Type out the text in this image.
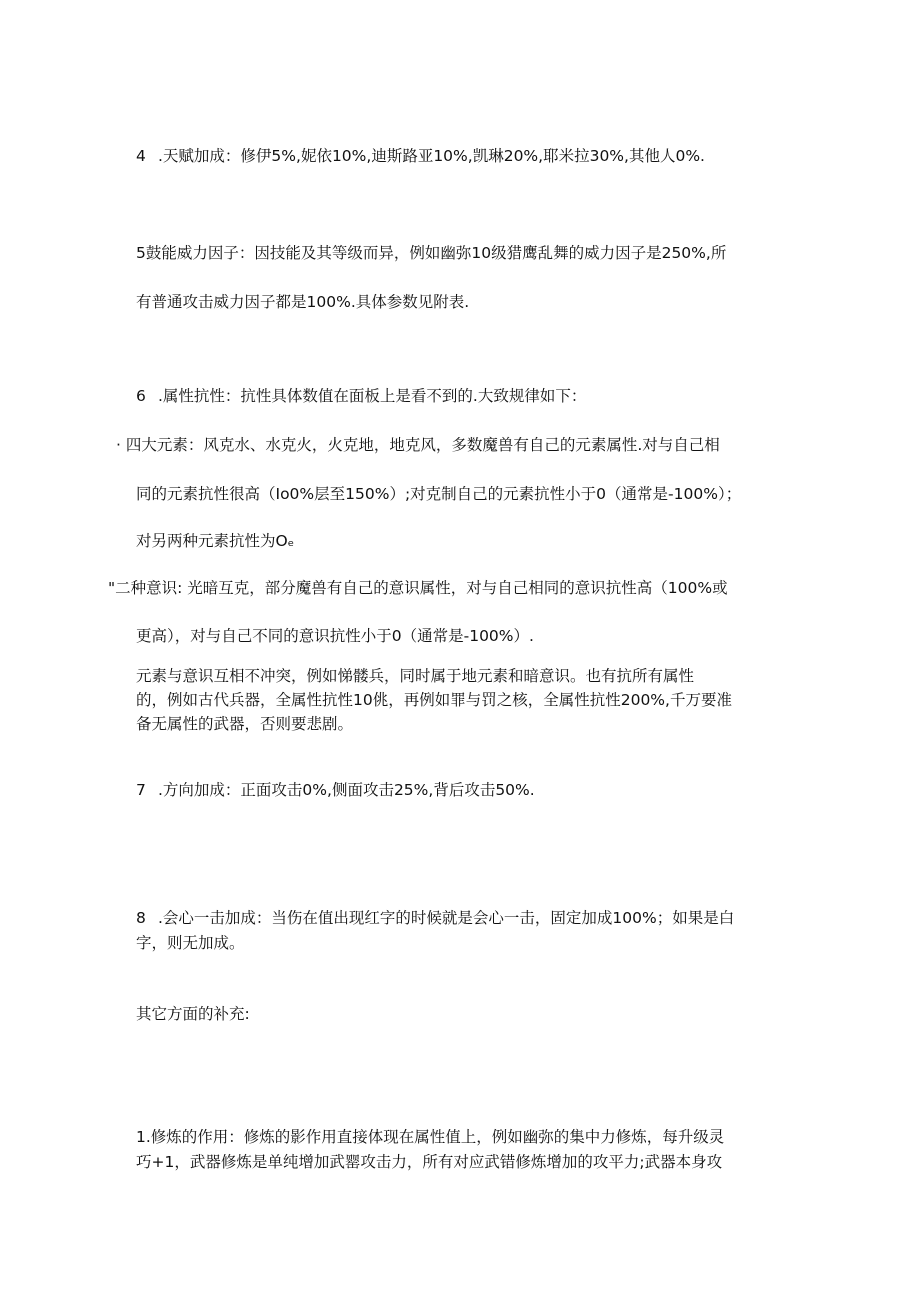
4 .天赋加成：修伊5%,妮依10%,迪斯路亚10%,凯琳20%,耶米拉30%,其他人0%.
5鼓能威力因子：因技能及其等级而异，例如幽弥10级猎鹰乱舞的威力因子是250%,所
有普通攻击威力因子都是100%.具体参数见附表.
6 .属性抗性：抗性具体数值在面板上是看不到的.大致规律如下：
· 四大元素：风克水、水克火，火克地，地克风，多数魔兽有自己的元素属性.对与自己相
同的元素抗性很高（Io0%层至150%）;对克制自己的元素抗性小于0（通常是-100%）；
对另两种元素抗性为Oₑ
"二种意识: 光暗互克，部分魔兽有自己的意识属性，对与自己相同的意识抗性高（100%或
更高），对与自己不同的意识抗性小于0（通常是-100%）.
元素与意识互相不冲突，例如悌髅兵，同时属于地元素和暗意识。也有抗所有属性
的，例如古代兵器，全属性抗性10佻，再例如罪与罚之核，全属性抗性200%,千万要准
备无属性的武器，否则要悲剧。
7 .方向加成：正面攻击0%,侧面攻击25%,背后攻击50%.
8 .会心一击加成：当伤在值出现红字的时候就是会心一击，固定加成100%；如果是白
字，则无加成。
其它方面的补充:
1.修炼的作用：修炼的影作用直接体现在属性值上，例如幽弥的集中力修炼，每升级灵
巧+1，武器修炼是单纯增加武罂攻击力，所有对应武错修炼增加的攻平力;武器本身攻
